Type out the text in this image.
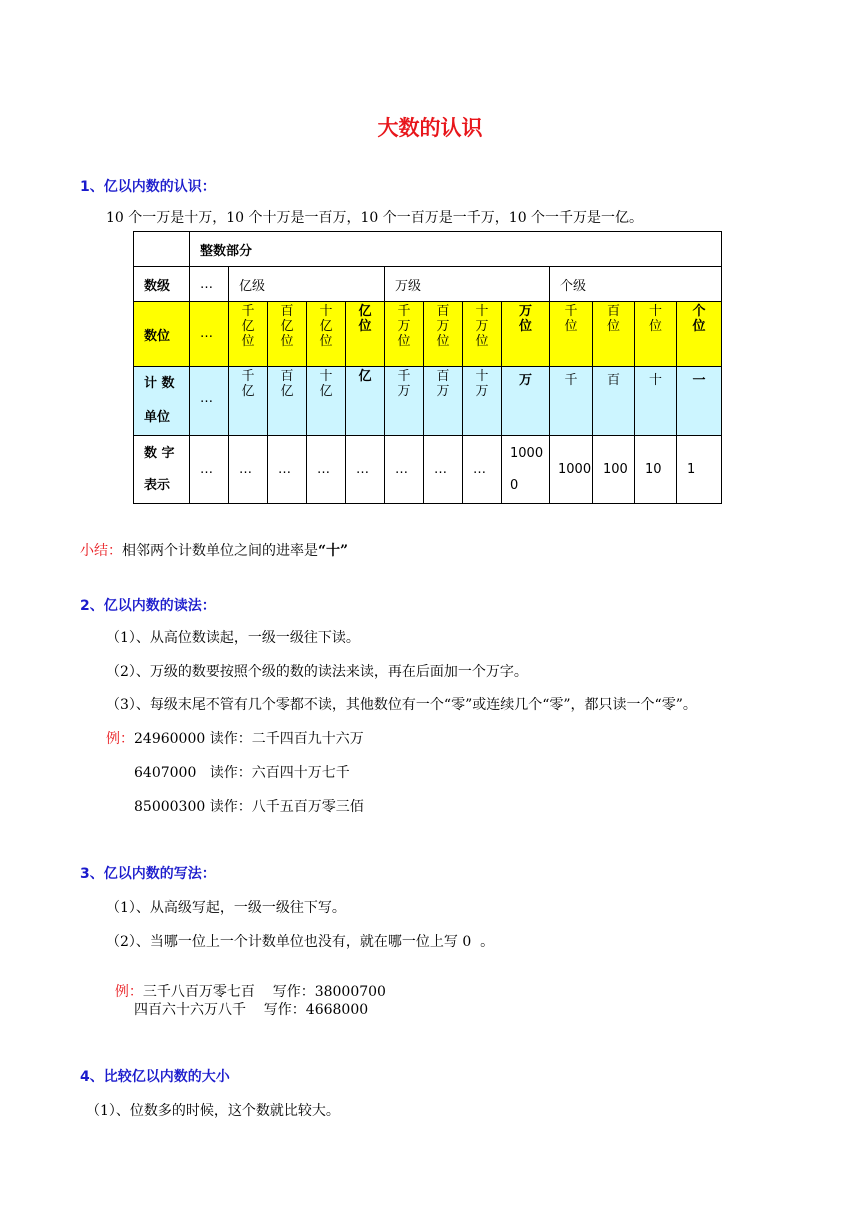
大数的认识
1、亿以内数的认识：
10 个一万是十万，10 个十万是一百万，10 个一百万是一千万，10 个一千万是一亿。
	整数部分												
数级	…	亿级				万级				个级			
数位	…	千亿位	百亿位	十亿位	亿位	千万位	百万位	十万位	万位	千位	百位	十位	个位
计 数 单位	…	千亿	百亿	十亿	亿	千万	百万	十万	万	千	百	十	一

数 字 表示	…	…	…	…	…	…	…	…	10000	1000	100	10	1
小结：相邻两个计数单位之间的进率是“十”
2、亿以内数的读法：
（1）、从高位数读起，一级一级往下读。
（2）、万级的数要按照个级的数的读法来读，再在后面加一个万字。
（3）、每级末尾不管有几个零都不读，其他数位有一个“零”或连续几个“零”，都只读一个“零”。
例：24960000 读作：二千四百九十六万
6407000   读作：六百四十万七千
85000300 读作：八千五百万零三佰
3、亿以内数的写法：
（1）、从高级写起，一级一级往下写。
（2）、当哪一位上一个计数单位也没有，就在哪一位上写 0  。

例：三千八百万零七百    写作：38000700

四百六十六万八千    写作：4668000
4、比较亿以内数的大小
（1）、位数多的时候，这个数就比较大。
